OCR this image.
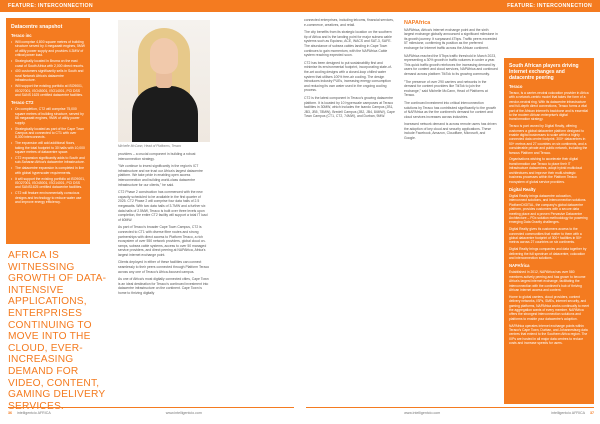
FEATURE: INTERCONNECTION
Datacentre snapshot
Teraco inc
• Will comprise 4,800 square metres of building structure served by 4 megawatt engines, 5MW of utility power supply and provides 4.3MW of critical power load.
• Strategically located in Bruma on the east coast of South Africa with 2,000 direct resorts.
• 400 customers significantly sells in South and rural Network Africa's datacentre infrastructure.
• Will support the existing portfolio at ISO9001, ISO27001, ISO45001, ISO14001, PCI DSS and SANS 1625 certified datacentre facilities.
Teraco CT2
• On completion, CT2 will comprise 75,000 square metres of building structure, served by 86 megawatt engines, 9MW of utility power supply.
• Strategically located as part of the Cape Town Campus and connected to CT1 with over 8,300 interconnects.
• The expansion will add additional floors, taking the total footprint to 30 halls with 10,000 square metres of datacentre space.
• CT2 expansion significantly adds to South and sub-Saharan Africa's datacentre infrastructure.
• The datacentre expansion is completed in line with global hyperscaler requirements.
• It will support the existing portfolio at ISO9001, ISO27001, ISO45001, ISO14001, PCI DSS and SANS1625 certified datacentre facilities.
• CT2 will feature environmentally conscious designs and technology to reduce water use and improve energy efficiency.
Michelle McCann, Head of Platforms, Teraco

providers – a crucial component in building a robust interconnection strategy.

"We continue to invest significantly in the region's ICT infrastructure and we trust our Africa's largest datacentre platform. We take pride in enabling open access interconnection and building world-class datacentre infrastructure for our clients," he said.

CT2 Phase 2 construction has commenced with the new capacity scheduled to be available in the first quarter of 2025. CT2 Phase 2 will comprise four data halls of 2.5 megawatts. With two data halls of 3.7MW and a further six data halls of 2.5MW, Teraco is built over three levels upon completion, the entire CT2 facility will support a total IT load of 60MW.

As part of Teraco's broader Cape Town Campus, CT2 is connected to CT1 with diverse fibre routes and strong partnerships with direct access to Platform Teraco, a rich ecosystem of over 550 network providers, global cloud on-ramps, subsea cable systems, access to over 50 managed service providers, and direct peering at NAPAfrica, Africa's largest internet exchange point.

Clients deployed in either of these facilities can connect seamlessly to their peers connected through Platform Teraco across any one of Teraco's Africa-focused campus.

As one of Africa's most digitally connected cities, Cape Town is an ideal destination for Teraco's continued investment into datacentre infrastructure on the continent. Cape Town is home to thriving digitally

AFRICA IS WITNESSING GROWTH OF DATA-INTENSIVE APPLICATIONS, ENTERPRISES CONTINUING TO MOVE INTO THE CLOUD, EVER-INCREASING DEMAND FOR VIDEO, CONTENT, GAMING DELIVERY SERVICES.
36 intelligentcio AFRICA	www.intelligentcio.com
FEATURE: INTERCONNECTION

connected enterprises, including telcoms, financial services, e-commerce, creatives, and retail.

The city benefits from its strategic location on the southern tip of Africa and is the landing point for major subsea cable systems such as Equiano, ACE, WACS and SAT-3, SAFE. The abundance of subsea cables landing in Cape Town continues to gain momentum, with the NAPAfrica Cable system reaching expected soon.

CT2 has been designed to put sustainability first and minimise its environmental footprint, incorporating state-of-the-art cooling designs with a closed-loop chilled water system that utilises 100% free-air cooling. The design introduces industry PUEs, increasing energy consumption and reducing its own water used in the ongoing cooling process.

CT2 is the latest component in Teraco's growing datacentre platform. It is located by 10 hyperscale campuses at Teraco facilities in 30MW, which includes the Isando Campus (JB1, JB3, JB5, 78MW), Bredell Campus (JB2, JB4, 84MW), Cape Town Campus (CT1, CT2, 74MW), and Durban, 9MW.

NAPAfrica

NAPAfrica, Africa's internet exchange point and the sixth largest exchange globally announced a significant milestone in its growth journey. It surpassed 4Tbps. Traffic peers exceeded 5T milestone, confirming its position as the preferred exchange for Internet traffic across the African continent.

NAPAfrica reached the 5Tbps traffic threshold in March 2023, representing a 30% growth in traffic volumes in under a year. This quick traffic growth reinforces the increasing demand by users for content and cloud services, NAPAfrica and continued demand across platform TikTok to its growing community.

"The presence of over 290 carriers and networks in the demand for content providers like TikTok to join the exchange," said Michelle McCann, Head of Platforms at Teraco.

The continued investment into critical interconnection solutions by Teraco has contributed significantly to the growth of NAPAfrica as the the continent's demand for content and cloud services increases across industries.

Increased network demand is across remote users has driven the adoption of key cloud and security applications. These include Facebook, Amazon, Cloudflare, Microsoft, and Google.

South African players driving Internet exchanges and datacentre peering
Teraco

Teraco, is a carrier-neutral colocation provider in Africa with a network-centric model that takes the form of a vendor-neutral ring. With its datacentre infrastructure and full-depth direct connections, Teraco forms a vital part of the African internet's backbone and is essential to the modern African enterprise's digital transformation strategy.

Teraco is part owned by Digital Realty, offering customers a global datacentre platform designed to enable digital businesses to scale within a highly connected data centre footprint. 300+ datacentres in 50+ metros and 27 countries on six continents, and a considerable private and public network, including the famous Platform and Teraco.

Organisations wishing to accelerate their digital transformation use Teraco to place their IT infrastructure datacentres, adopt hybrid multicloud architectures and improve their multi-strategic business processes within the Platform Teraco ecosystem of global service providers.

Digital Realty

Digital Realty brings datacentre colocation, interconnect solutions, and interconnection solutions. PlatformDIGITAL, the company's global datacentre platform, provides customers with a secure data meeting place and a proven Pervasive Datacentre Architecture – PDx solution methodology for powering emerging Data Gravity challenges.

Digital Realty gives its customers access to the connected communities that matter to them with a global datacentre footprint of 300+ facilities in 50+ metros across 27 countries on six continents.

Digital Realty brings companies and data together by delivering the full spectrum of datacentre, colocation and interconnection solutions.

NAPAfrica

Established in 2012, NAPAfrica has over 580 members actively peering and has grown to become Africa's largest internet exchange, facilitating the interconnection with the continent's hub of thriving African internet access and content.

Home to global carriers, cloud providers, content delivery networks, ISPs, SMEs, internet security, and gaming platforms, NAPAfrica works continually to meet the aggregation wants of every member. NAPAfrica offers the strongest interconnection solutions and platforms to enable your datacentre's adoption.

NAPAfrica operates internet exchange points within Teraco's Cape Town, Durban, and Johannesburg data centres that extend to the Southern Africa region. The IXPs are hosted in all major data centres to reduce costs and increase speeds for users.

www.intelligentcio.com	intelligentcio AFRICA 37
